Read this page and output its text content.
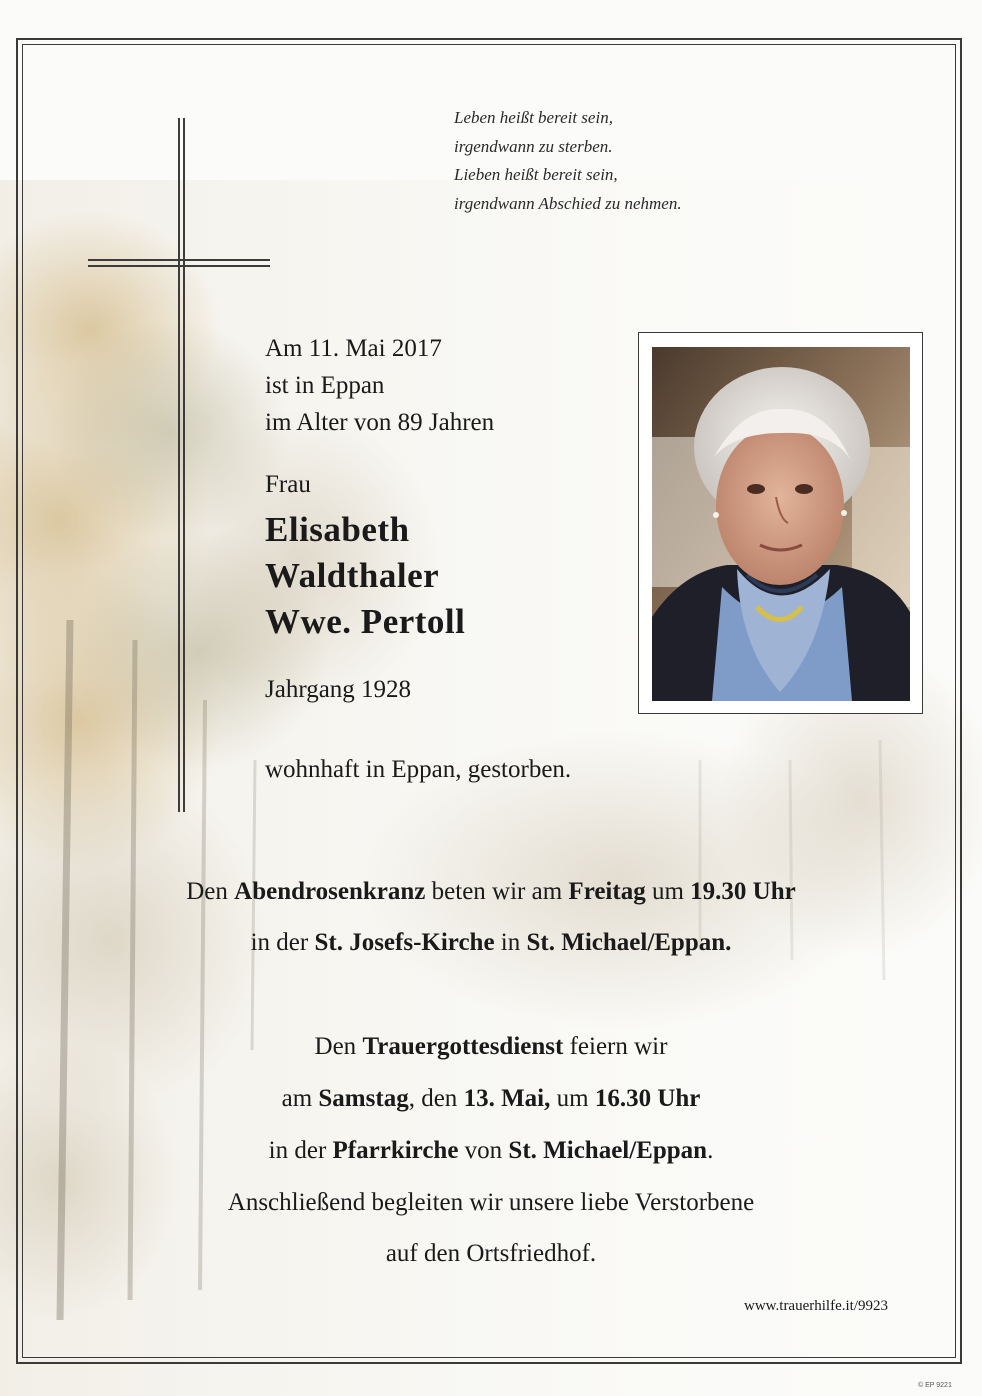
Leben heißt bereit sein,
irgendwann zu sterben.
Lieben heißt bereit sein,
irgendwann Abschied zu nehmen.
Am 11. Mai 2017
ist in Eppan
im Alter von 89 Jahren
Frau
Elisabeth
Waldthaler
Wwe. Pertoll
Jahrgang 1928
wohnhaft in Eppan, gestorben.
Den Abendrosenkranz beten wir am Freitag um 19.30 Uhr
in der St. Josefs-Kirche in St. Michael/Eppan.
Den Trauergottesdienst feiern wir
am Samstag, den 13. Mai, um 16.30 Uhr
in der Pfarrkirche von St. Michael/Eppan.
Anschließend begleiten wir unsere liebe Verstorbene
auf den Ortsfriedhof.
www.trauerhilfe.it/9923
© EP 9221
